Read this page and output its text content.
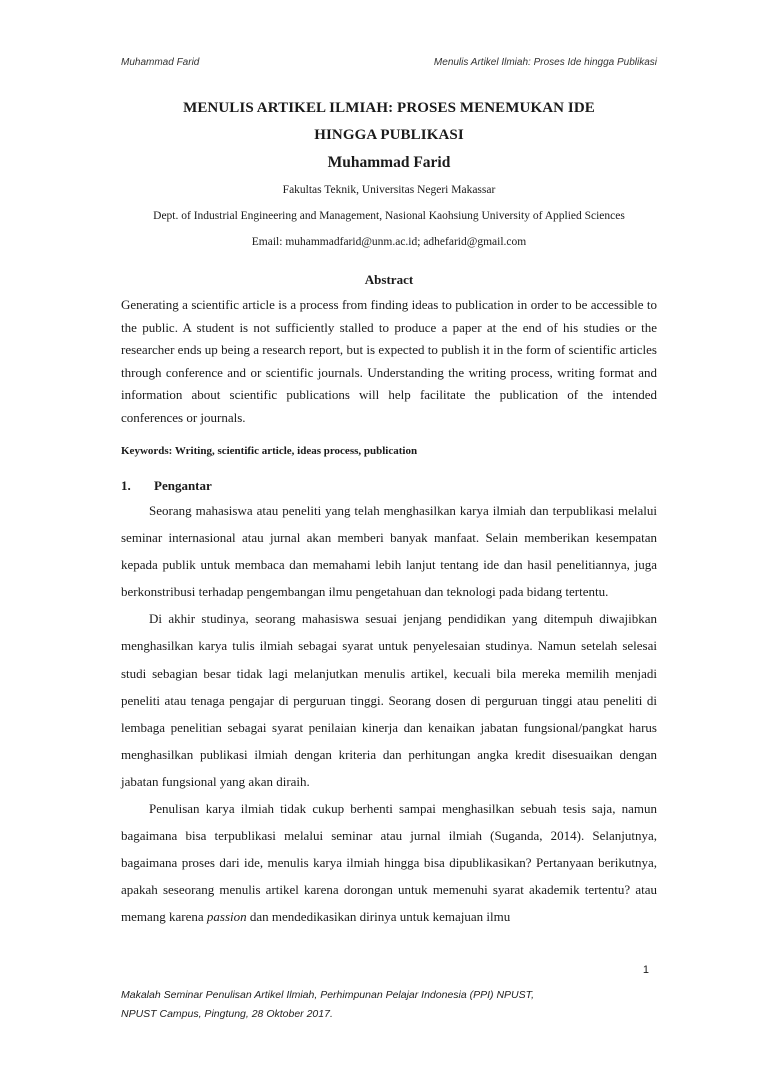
Muhammad Farid	Menulis Artikel Ilmiah: Proses Ide hingga Publikasi
MENULIS ARTIKEL ILMIAH: PROSES MENEMUKAN IDE
HINGGA PUBLIKASI
Muhammad Farid
Fakultas Teknik, Universitas Negeri Makassar
Dept. of Industrial Engineering and Management, Nasional Kaohsiung University of Applied Sciences
Email: muhammadfarid@unm.ac.id; adhefarid@gmail.com
Abstract
Generating a scientific article is a process from finding ideas to publication in order to be accessible to the public. A student is not sufficiently stalled to produce a paper at the end of his studies or the researcher ends up being a research report, but is expected to publish it in the form of scientific articles through conference and or scientific journals. Understanding the writing process, writing format and information about scientific publications will help facilitate the publication of the intended conferences or journals.
Keywords: Writing, scientific article, ideas process, publication
1. Pengantar

Seorang mahasiswa atau peneliti yang telah menghasilkan karya ilmiah dan terpublikasi melalui seminar internasional atau jurnal akan memberi banyak manfaat. Selain memberikan kesempatan kepada publik untuk membaca dan memahami lebih lanjut tentang ide dan hasil penelitiannya, juga berkonstribusi terhadap pengembangan ilmu pengetahuan dan teknologi pada bidang tertentu.

Di akhir studinya, seorang mahasiswa sesuai jenjang pendidikan yang ditempuh diwajibkan menghasilkan karya tulis ilmiah sebagai syarat untuk penyelesaian studinya. Namun setelah selesai studi sebagian besar tidak lagi melanjutkan menulis artikel, kecuali bila mereka memilih menjadi peneliti atau tenaga pengajar di perguruan tinggi. Seorang dosen di perguruan tinggi atau peneliti di lembaga penelitian sebagai syarat penilaian kinerja dan kenaikan jabatan fungsional/pangkat harus menghasilkan publikasi ilmiah dengan kriteria dan perhitungan angka kredit disesuaikan dengan jabatan fungsional yang akan diraih.

Penulisan karya ilmiah tidak cukup berhenti sampai menghasilkan sebuah tesis saja, namun bagaimana bisa terpublikasi melalui seminar atau jurnal ilmiah (Suganda, 2014). Selanjutnya, bagaimana proses dari ide, menulis karya ilmiah hingga bisa dipublikasikan? Pertanyaan berikutnya, apakah seseorang menulis artikel karena dorongan untuk memenuhi syarat akademik tertentu? atau memang karena passion dan mendedikasikan dirinya untuk kemajuan ilmu

1
Makalah Seminar Penulisan Artikel Ilmiah, Perhimpunan Pelajar Indonesia (PPI) NPUST,
NPUST Campus, Pingtung, 28 Oktober 2017.
